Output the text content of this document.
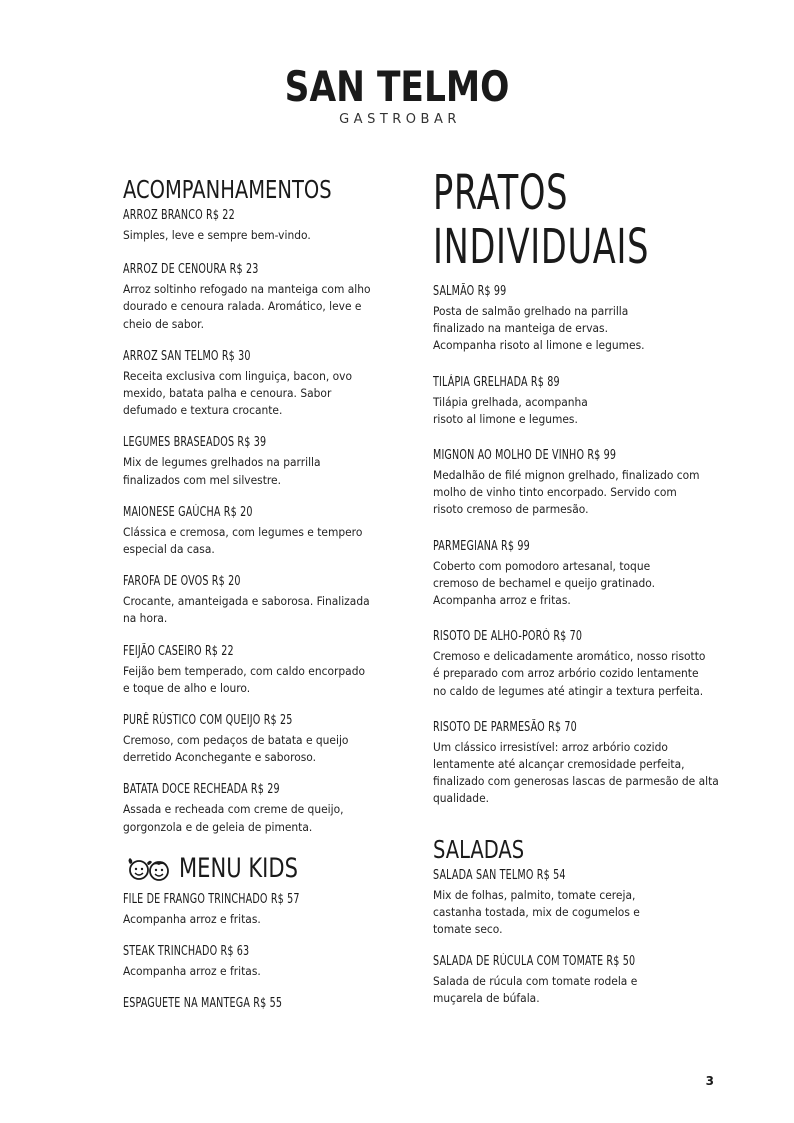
SAN TELMO
GASTROBAR
ACOMPANHAMENTOS
ARROZ BRANCO R$ 22
Simples, leve e sempre bem-vindo.
ARROZ DE CENOURA R$ 23
Arroz soltinho refogado na manteiga com alho dourado e cenoura ralada. Aromático, leve e cheio de sabor.
ARROZ SAN TELMO R$ 30
Receita exclusiva com linguiça, bacon, ovo mexido, batata palha e cenoura. Sabor defumado e textura crocante.
LEGUMES BRASEADOS R$ 39
Mix de legumes grelhados na parrilla finalizados com mel silvestre.
MAIONESE GAÚCHA R$ 20
Clássica e cremosa, com legumes e tempero especial da casa.
FAROFA DE OVOS R$ 20
Crocante, amanteigada e saborosa. Finalizada na hora.
FEIJÃO CASEIRO R$ 22
Feijão bem temperado, com caldo encorpado e toque de alho e louro.
PURÊ RÚSTICO COM QUEIJO R$ 25
Cremoso, com pedaços de batata e queijo derretido Aconchegante e saboroso.
BATATA DOCE RECHEADA R$ 29
Assada e recheada com creme de queijo, gorgonzola e de geleia de pimenta.
MENU KIDS
FILE DE FRANGO TRINCHADO R$ 57
Acompanha arroz e fritas.
STEAK TRINCHADO R$ 63
Acompanha arroz e fritas.
ESPAGUETE NA MANTEGA R$ 55
PRATOS
INDIVIDUAIS
SALMÃO R$ 99
Posta de salmão grelhado na parrilla finalizado na manteiga de ervas. Acompanha risoto al limone e legumes.
TILÁPIA GRELHADA R$ 89
Tilápia grelhada, acompanha risoto al limone e legumes.
MIGNON AO MOLHO DE VINHO R$ 99
Medalhão de filé mignon grelhado, finalizado com molho de vinho tinto encorpado. Servido com risoto cremoso de parmesão.
PARMEGIANA R$ 99
Coberto com pomodoro artesanal, toque cremoso de bechamel e queijo gratinado. Acompanha arroz e fritas.
RISOTO DE ALHO-PORÓ R$ 70
Cremoso e delicadamente aromático, nosso risotto é preparado com arroz arbório cozido lentamente no caldo de legumes até atingir a textura perfeita.
RISOTO DE PARMESÃO R$ 70
Um clássico irresistível: arroz arbório cozido lentamente até alcançar cremosidade perfeita, finalizado com generosas lascas de parmesão de alta qualidade.
SALADAS
SALADA SAN TELMO R$ 54
Mix de folhas, palmito, tomate cereja, castanha tostada, mix de cogumelos e tomate seco.
SALADA DE RÚCULA COM TOMATE R$ 50
Salada de rúcula com tomate rodela e muçarela de búfala.
3
